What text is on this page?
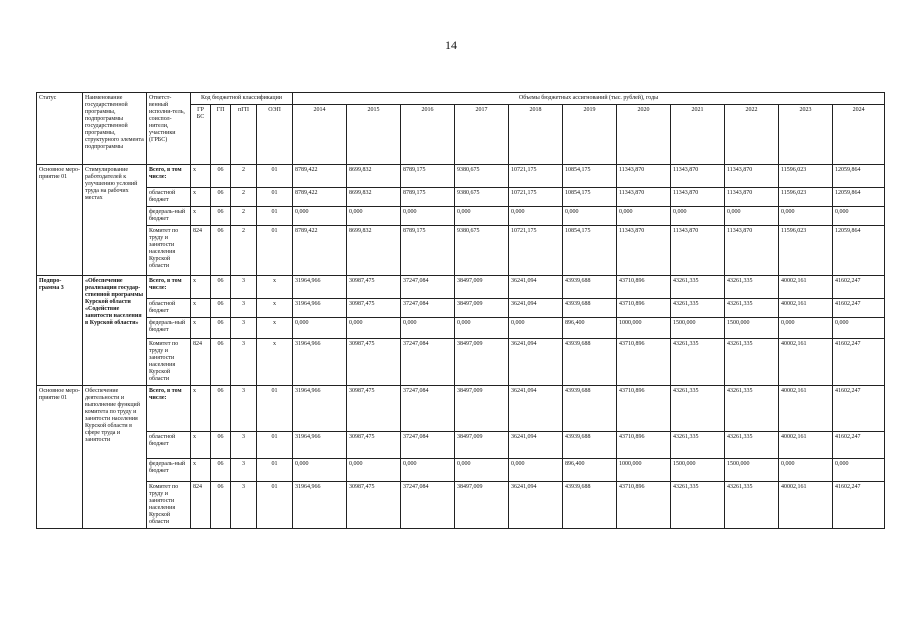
14
Статус	Наименование государственной программы, подпрограммы государственной программы, структурного элемента подпрограммы	Ответст-венный исполни-тель, соиспол-нители, участники (ГРБС)	Код бюджетной классификации				Объемы бюджетных ассигнований (тыс. рублей), годы										
			ГР БС	ГП	пГП	ОЭП	2014	2015	2016	2017	2018	2019	2020	2021	2022	2023	2024
Основное меро-приятие 01	Стимулирование работодателей к улучшению условий труда на рабочих местах	Всего, в том числе:	х	06	2	01	8789,422	8699,832	8789,175	9380,675	10721,175	10854,175	11343,870	11343,870	11343,870	11596,023	12059,864
		областной бюджет	х	06	2	01	8789,422	8699,832	8789,175	9380,675	10721,175	10854,175	11343,870	11343,870	11343,870	11596,023	12059,864
		федераль-ный бюджет	х	06	2	01	0,000	0,000	0,000	0,000	0,000	0,000	0,000	0,000	0,000	0,000	0,000
		Комитет по труду и занятости населения Курской области	824	06	2	01	8789,422	8699,832	8789,175	9380,675	10721,175	10854,175	11343,870	11343,870	11343,870	11596,023	12059,864
Подпро-грамма 3	«Обеспечение реализации государ-ственной программы Курской области «Содействие занятости населения в Курской области»	Всего, в том числе:	х	06	3	х	31964,966	30987,475	37247,084	38497,009	36241,094	43939,688	43710,896	43261,335	43261,335	40002,161	41602,247
		областной бюджет	х	06	3	х	31964,966	30987,475	37247,084	38497,009	36241,094	43939,688	43710,896	43261,335	43261,335	40002,161	41602,247
		федераль-ный бюджет	х	06	3	х	0,000	0,000	0,000	0,000	0,000	896,400	1000,000	1500,000	1500,000	0,000	0,000
		Комитет по труду и занятости населения Курской области	824	06	3	х	31964,966	30987,475	37247,084	38497,009	36241,094	43939,688	43710,896	43261,335	43261,335	40002,161	41602,247
Основное меро-приятие 01	Обеспечение деятельности и выполнение функций комитета по труду и занятости населения Курской области в сфере труда и занятости	Всего, в том числе:	х	06	3	01	31964,966	30987,475	37247,084	38497,009	36241,094	43939,688	43710,896	43261,335	43261,335	40002,161	41602,247
		областной бюджет	х	06	3	01	31964,966	30987,475	37247,084	38497,009	36241,094	43939,688	43710,896	43261,335	43261,335	40002,161	41602,247
		федераль-ный бюджет	х	06	3	01	0,000	0,000	0,000	0,000	0,000	896,400	1000,000	1500,000	1500,000	0,000	0,000
		Комитет по труду и занятости населения Курской области	824	06	3	01	31964,966	30987,475	37247,084	38497,009	36241,094	43939,688	43710,896	43261,335	43261,335	40002,161	41602,247
